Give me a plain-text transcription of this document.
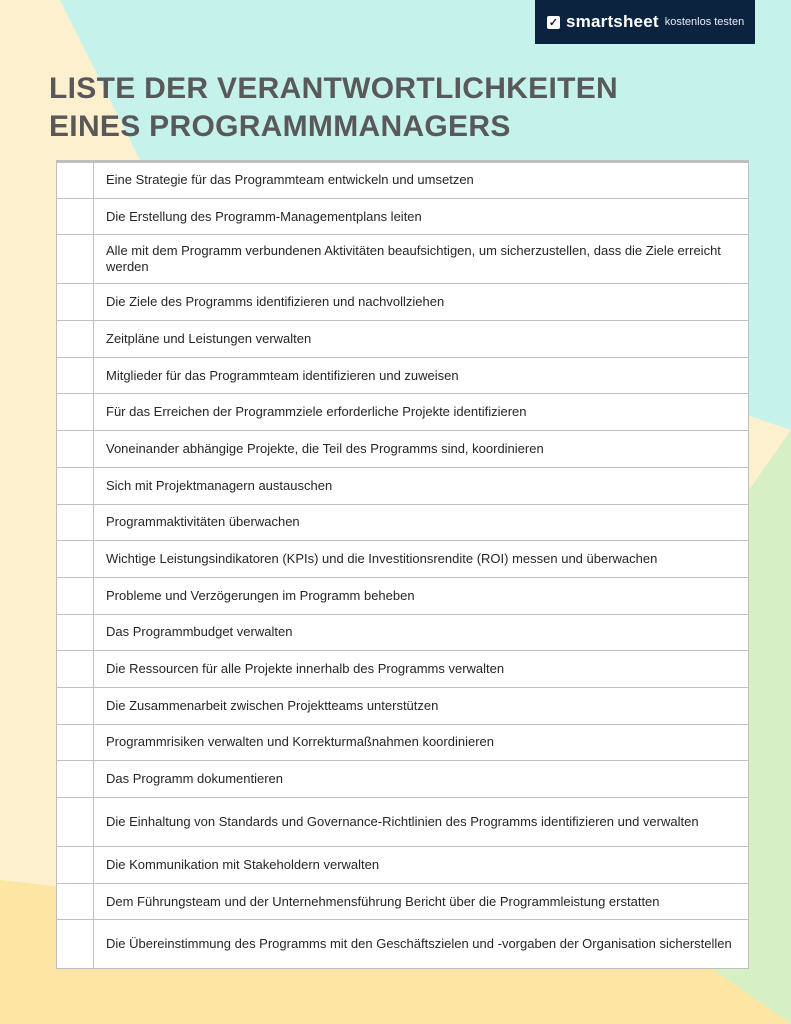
✓ smartsheet kostenlos testen
LISTE DER VERANTWORTLICHKEITEN
EINES PROGRAMMMANAGERS
	Eine Strategie für das Programmteam entwickeln und umsetzen
	Die Erstellung des Programm-Managementplans leiten
	Alle mit dem Programm verbundenen Aktivitäten beaufsichtigen, um sicherzustellen, dass die Ziele erreicht werden
	Die Ziele des Programms identifizieren und nachvollziehen
	Zeitpläne und Leistungen verwalten
	Mitglieder für das Programmteam identifizieren und zuweisen
	Für das Erreichen der Programmziele erforderliche Projekte identifizieren
	Voneinander abhängige Projekte, die Teil des Programms sind, koordinieren
	Sich mit Projektmanagern austauschen
	Programmaktivitäten überwachen
	Wichtige Leistungsindikatoren (KPIs) und die Investitionsrendite (ROI) messen und überwachen
	Probleme und Verzögerungen im Programm beheben
	Das Programmbudget verwalten
	Die Ressourcen für alle Projekte innerhalb des Programms verwalten
	Die Zusammenarbeit zwischen Projektteams unterstützen
	Programmrisiken verwalten und Korrekturmaßnahmen koordinieren
	Das Programm dokumentieren
	Die Einhaltung von Standards und Governance-Richtlinien des Programms identifizieren und verwalten
	Die Kommunikation mit Stakeholdern verwalten
	Dem Führungsteam und der Unternehmensführung Bericht über die Programmleistung erstatten
	Die Übereinstimmung des Programms mit den Geschäftszielen und -vorgaben der Organisation sicherstellen
